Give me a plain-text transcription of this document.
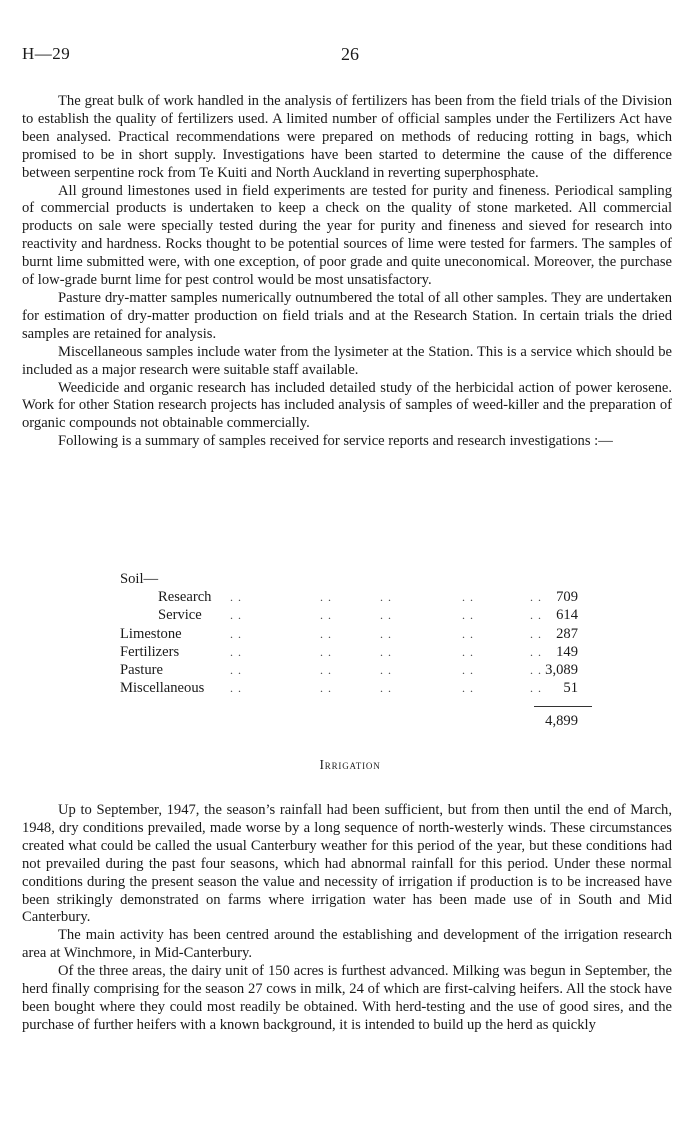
H—29	26

The great bulk of work handled in the analysis of fertilizers has been from the field trials of the Division to establish the quality of fertilizers used. A limited number of official samples under the Fertilizers Act have been analysed. Practical recommendations were prepared on methods of reducing rotting in bags, which promised to be in short supply. Investigations have been started to determine the cause of the difference between serpentine rock from Te Kuiti and North Auckland in reverting superphosphate.

All ground limestones used in field experiments are tested for purity and fineness. Periodical sampling of commercial products is undertaken to keep a check on the quality of stone marketed. All commercial products on sale were specially tested during the year for purity and fineness and sieved for research into reactivity and hardness. Rocks thought to be potential sources of lime were tested for farmers. The samples of burnt lime submitted were, with one exception, of poor grade and quite uneconomical. Moreover, the purchase of low-grade burnt lime for pest control would be most unsatisfactory.

Pasture dry-matter samples numerically outnumbered the total of all other samples. They are undertaken for estimation of dry-matter production on field trials and at the Research Station. In certain trials the dried samples are retained for analysis.

Miscellaneous samples include water from the lysimeter at the Station. This is a service which should be included as a major research were suitable staff available.

Weedicide and organic research has included detailed study of the herbicidal action of power kerosene. Work for other Station research projects has included analysis of samples of weed-killer and the preparation of organic compounds not obtainable commercially.

Following is a summary of samples received for service reports and research investigations :—

Soil—
Research . .	. .	. .	. .	. . 709
Service . .	. .	. .	. .	. . 614
Limestone	. .	. .	. .	. .	. . 287
Fertilizers	. .	. .	. .	. .	. . 149
Pasture	. .	. .	. .	. .	. . 3,089
Miscellaneous . .	. .	. .	. .	. . 51
4,899
Irrigation

Up to September, 1947, the season’s rainfall had been sufficient, but from then until the end of March, 1948, dry conditions prevailed, made worse by a long sequence of north-westerly winds. These circumstances created what could be called the usual Canterbury weather for this period of the year, but these conditions had not prevailed during the past four seasons, which had abnormal rainfall for this period. Under these normal conditions during the present season the value and necessity of irrigation if production is to be increased have been strikingly demonstrated on farms where irrigation water has been made use of in South and Mid Canterbury.

The main activity has been centred around the establishing and development of the irrigation research area at Winchmore, in Mid-Canterbury.

Of the three areas, the dairy unit of 150 acres is furthest advanced. Milking was begun in September, the herd finally comprising for the season 27 cows in milk, 24 of which are first-calving heifers. All the stock have been bought where they could most readily be obtained. With herd-testing and the use of good sires, and the purchase of further heifers with a known background, it is intended to build up the herd as quickly
